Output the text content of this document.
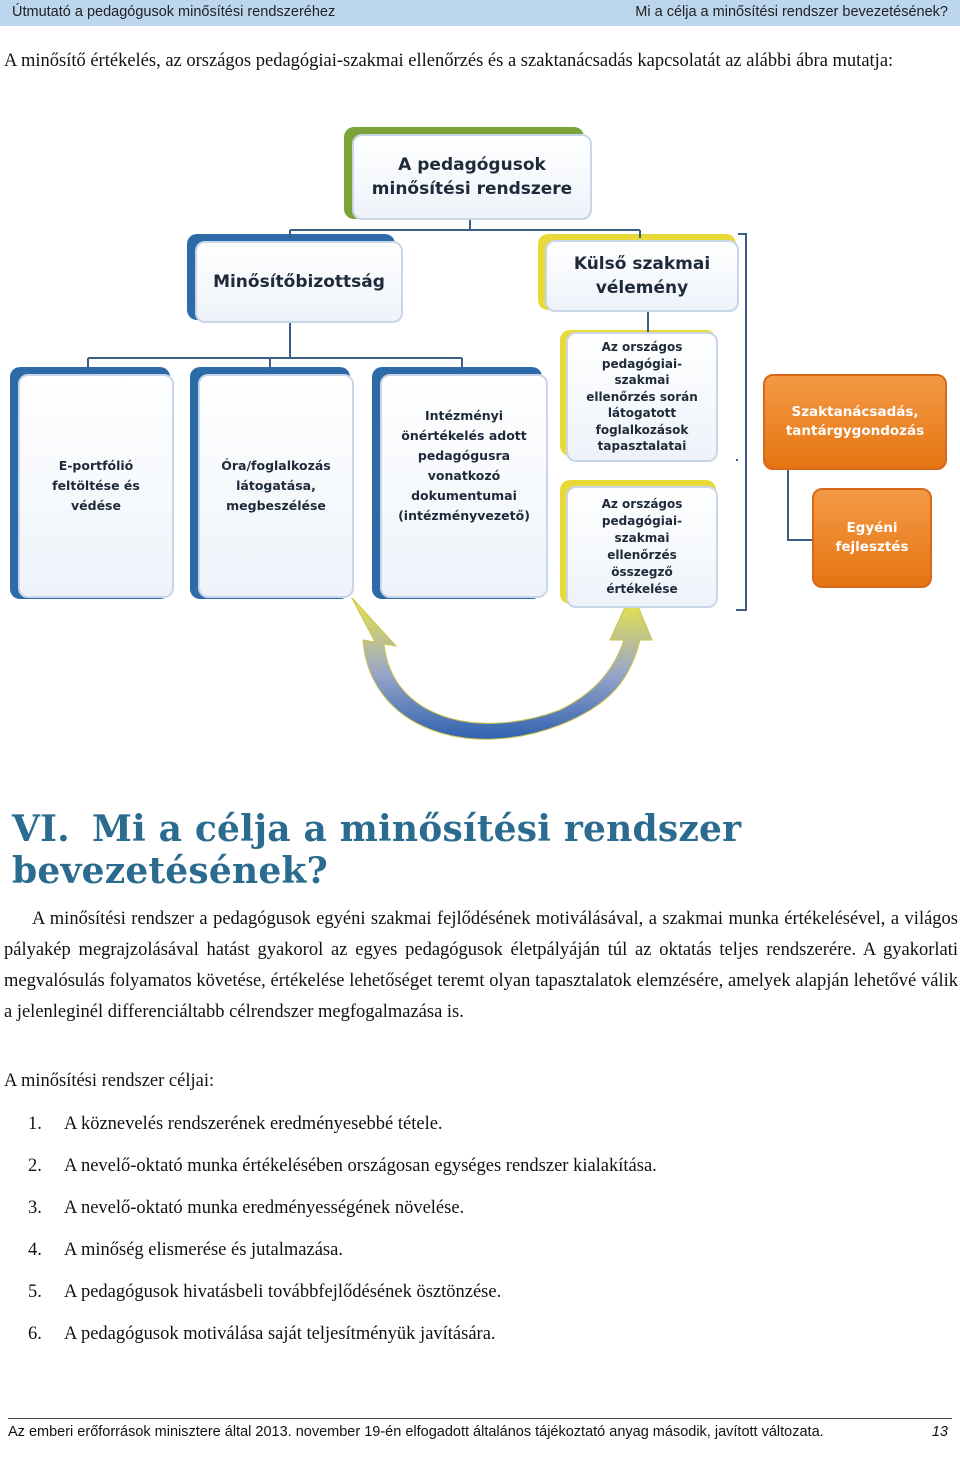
Útmutató a pedagógusok minősítési rendszeréhez	Mi a célja a minősítési rendszer bevezetésének?

A minősítő értékelés, az országos pedagógiai-szakmai ellenőrzés és a szaktanácsadás kapcsolatát az alábbi ábra mutatja:

A pedagógusok
minősítési rendszere
Minősítőbizottság
Külső szakmai
vélemény
E-portfólió
feltöltése és
védése
Óra/foglalkozás
látogatása,
megbeszélése
Intézményi
önértékelés adott
pedagógusra
vonatkozó
dokumentumai
(intézményvezető)
Az országos
pedagógiai-
szakmai
ellenőrzés során
látogatott
foglalkozások
tapasztalatai
Az országos
pedagógiai-
szakmai
ellenőrzés
összegző
értékelése
Szaktanácsadás,
tantárgygondozás
Egyéni
fejlesztés
VI. Mi a célja a minősítési rendszer bevezetésének?

A minősítési rendszer a pedagógusok egyéni szakmai fejlődésének motiválásával, a szakmai munka értékelésével, a világos pályakép megrajzolásával hatást gyakorol az egyes pedagógusok életpályáján túl az oktatás teljes rendszerére. A gyakorlati megvalósulás folyamatos követése, értékelése lehetőséget teremt olyan tapasztalatok elemzésére, amelyek alapján lehetővé válik a jelenleginél differenciáltabb célrendszer megfogalmazása is.

A minősítési rendszer céljai:
1. A köznevelés rendszerének eredményesebbé tétele.
2. A nevelő-oktató munka értékelésében országosan egységes rendszer kialakítása.
3. A nevelő-oktató munka eredményességének növelése.
4. A minőség elismerése és jutalmazása.
5. A pedagógusok hivatásbeli továbbfejlődésének ösztönzése.
6. A pedagógusok motiválása saját teljesítményük javítására.
Az emberi erőforrások minisztere által 2013. november 19-én elfogadott általános tájékoztató anyag második, javított változata.	13
